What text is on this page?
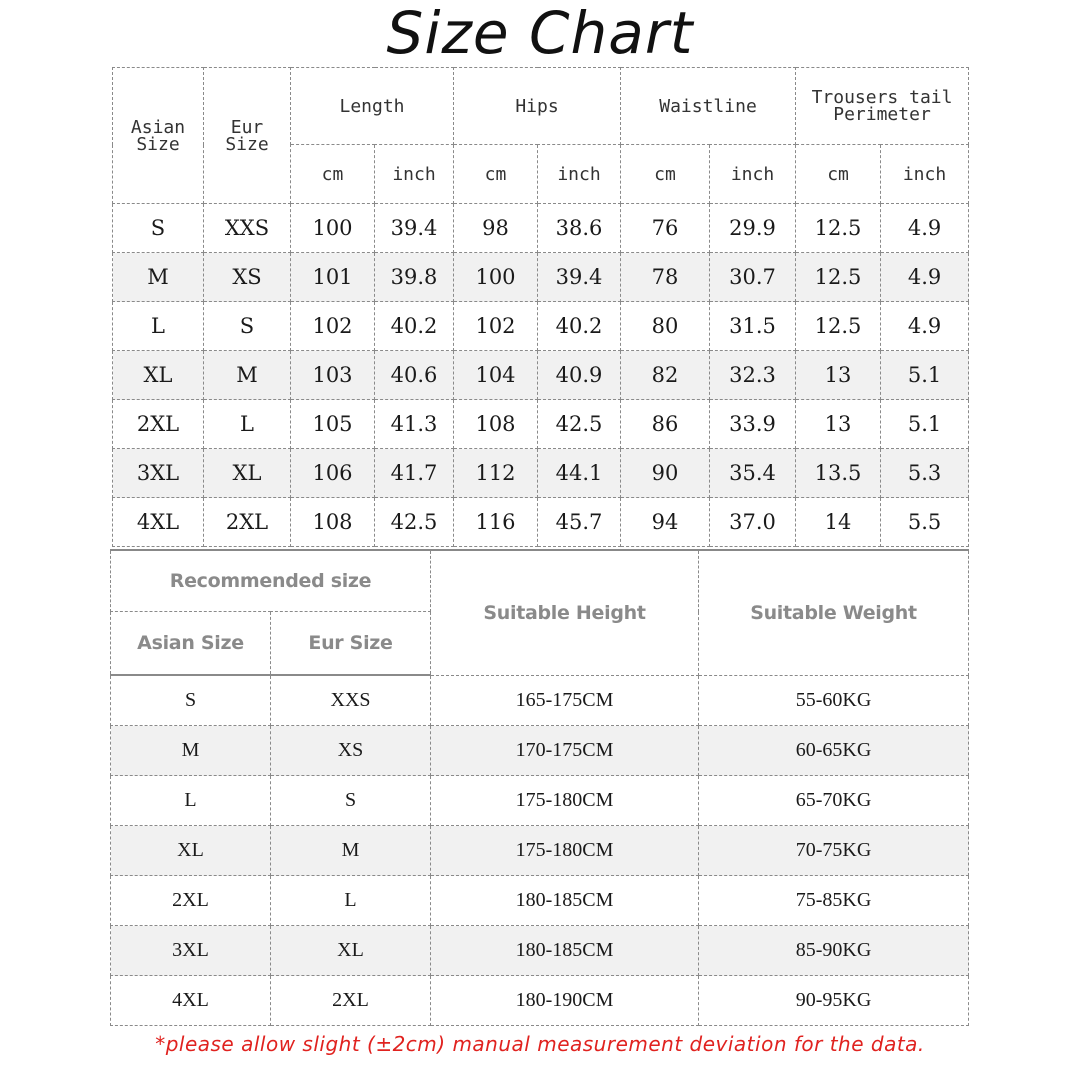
Size Chart
Asian Size	Eur Size	Length		Hips		Waistline		Trousers tail Perimeter	
		cm	inch	cm	inch	cm	inch	cm	inch
S	XXS	100	39.4	98	38.6	76	29.9	12.5	4.9
M	XS	101	39.8	100	39.4	78	30.7	12.5	4.9
L	S	102	40.2	102	40.2	80	31.5	12.5	4.9
XL	M	103	40.6	104	40.9	82	32.3	13	5.1
2XL	L	105	41.3	108	42.5	86	33.9	13	5.1
3XL	XL	106	41.7	112	44.1	90	35.4	13.5	5.3
4XL	2XL	108	42.5	116	45.7	94	37.0	14	5.5
Recommended size		Suitable Height	Suitable Weight
Asian Size	Eur Size		
S	XXS	165-175CM	55-60KG
M	XS	170-175CM	60-65KG
L	S	175-180CM	65-70KG
XL	M	175-180CM	70-75KG
2XL	L	180-185CM	75-85KG
3XL	XL	180-185CM	85-90KG
4XL	2XL	180-190CM	90-95KG
*please allow slight (±2cm) manual measurement deviation for the data.
